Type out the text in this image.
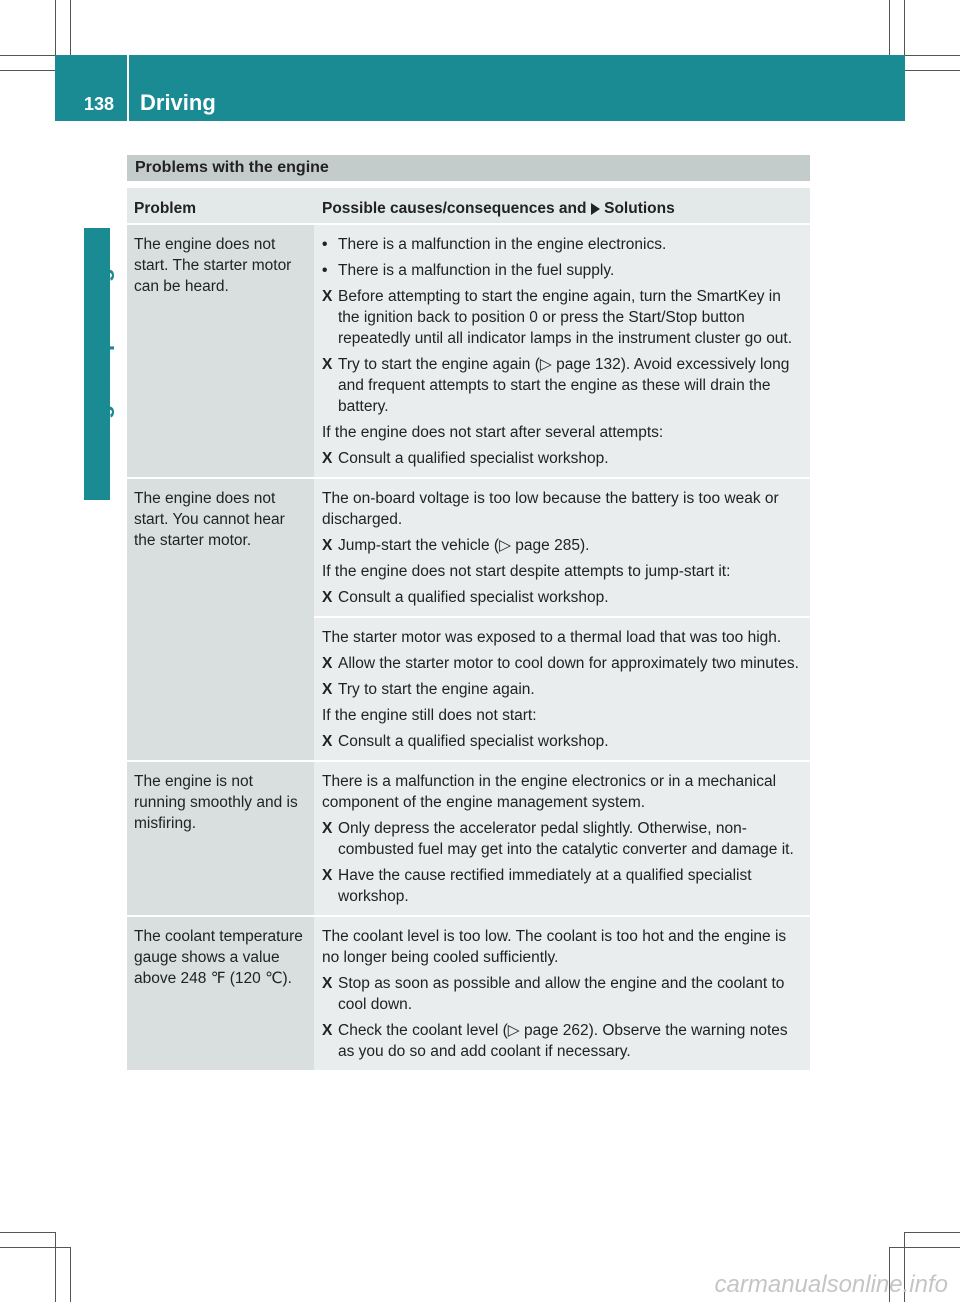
138 Driving
Driving and parking
Problems with the engine
Problem	Possible causes/consequences and Solutions
The engine does not start. The starter motor can be heard.
• There is a malfunction in the engine electronics.
• There is a malfunction in the fuel supply.
X Before attempting to start the engine again, turn the SmartKey in the ignition back to position 0 or press the Start/Stop button repeatedly until all indicator lamps in the instrument cluster go out.
X Try to start the engine again (▷ page 132). Avoid excessively long and frequent attempts to start the engine as these will drain the battery.
If the engine does not start after several attempts:
X Consult a qualified specialist workshop.
The engine does not start. You cannot hear the starter motor.
The on-board voltage is too low because the battery is too weak or discharged.
X Jump-start the vehicle (▷ page 285).
If the engine does not start despite attempts to jump-start it:
X Consult a qualified specialist workshop.
The starter motor was exposed to a thermal load that was too high.
X Allow the starter motor to cool down for approximately two minutes.
X Try to start the engine again.
If the engine still does not start:
X Consult a qualified specialist workshop.
The engine is not running smoothly and is misfiring.
There is a malfunction in the engine electronics or in a mechanical component of the engine management system.
X Only depress the accelerator pedal slightly. Otherwise, non-combusted fuel may get into the catalytic converter and damage it.
X Have the cause rectified immediately at a qualified specialist workshop.
The coolant temperature gauge shows a value above 248 ℉ (120 ℃).
The coolant level is too low. The coolant is too hot and the engine is no longer being cooled sufficiently.
X Stop as soon as possible and allow the engine and the coolant to cool down.
X Check the coolant level (▷ page 262). Observe the warning notes as you do so and add coolant if necessary.
carmanualsonline.info
